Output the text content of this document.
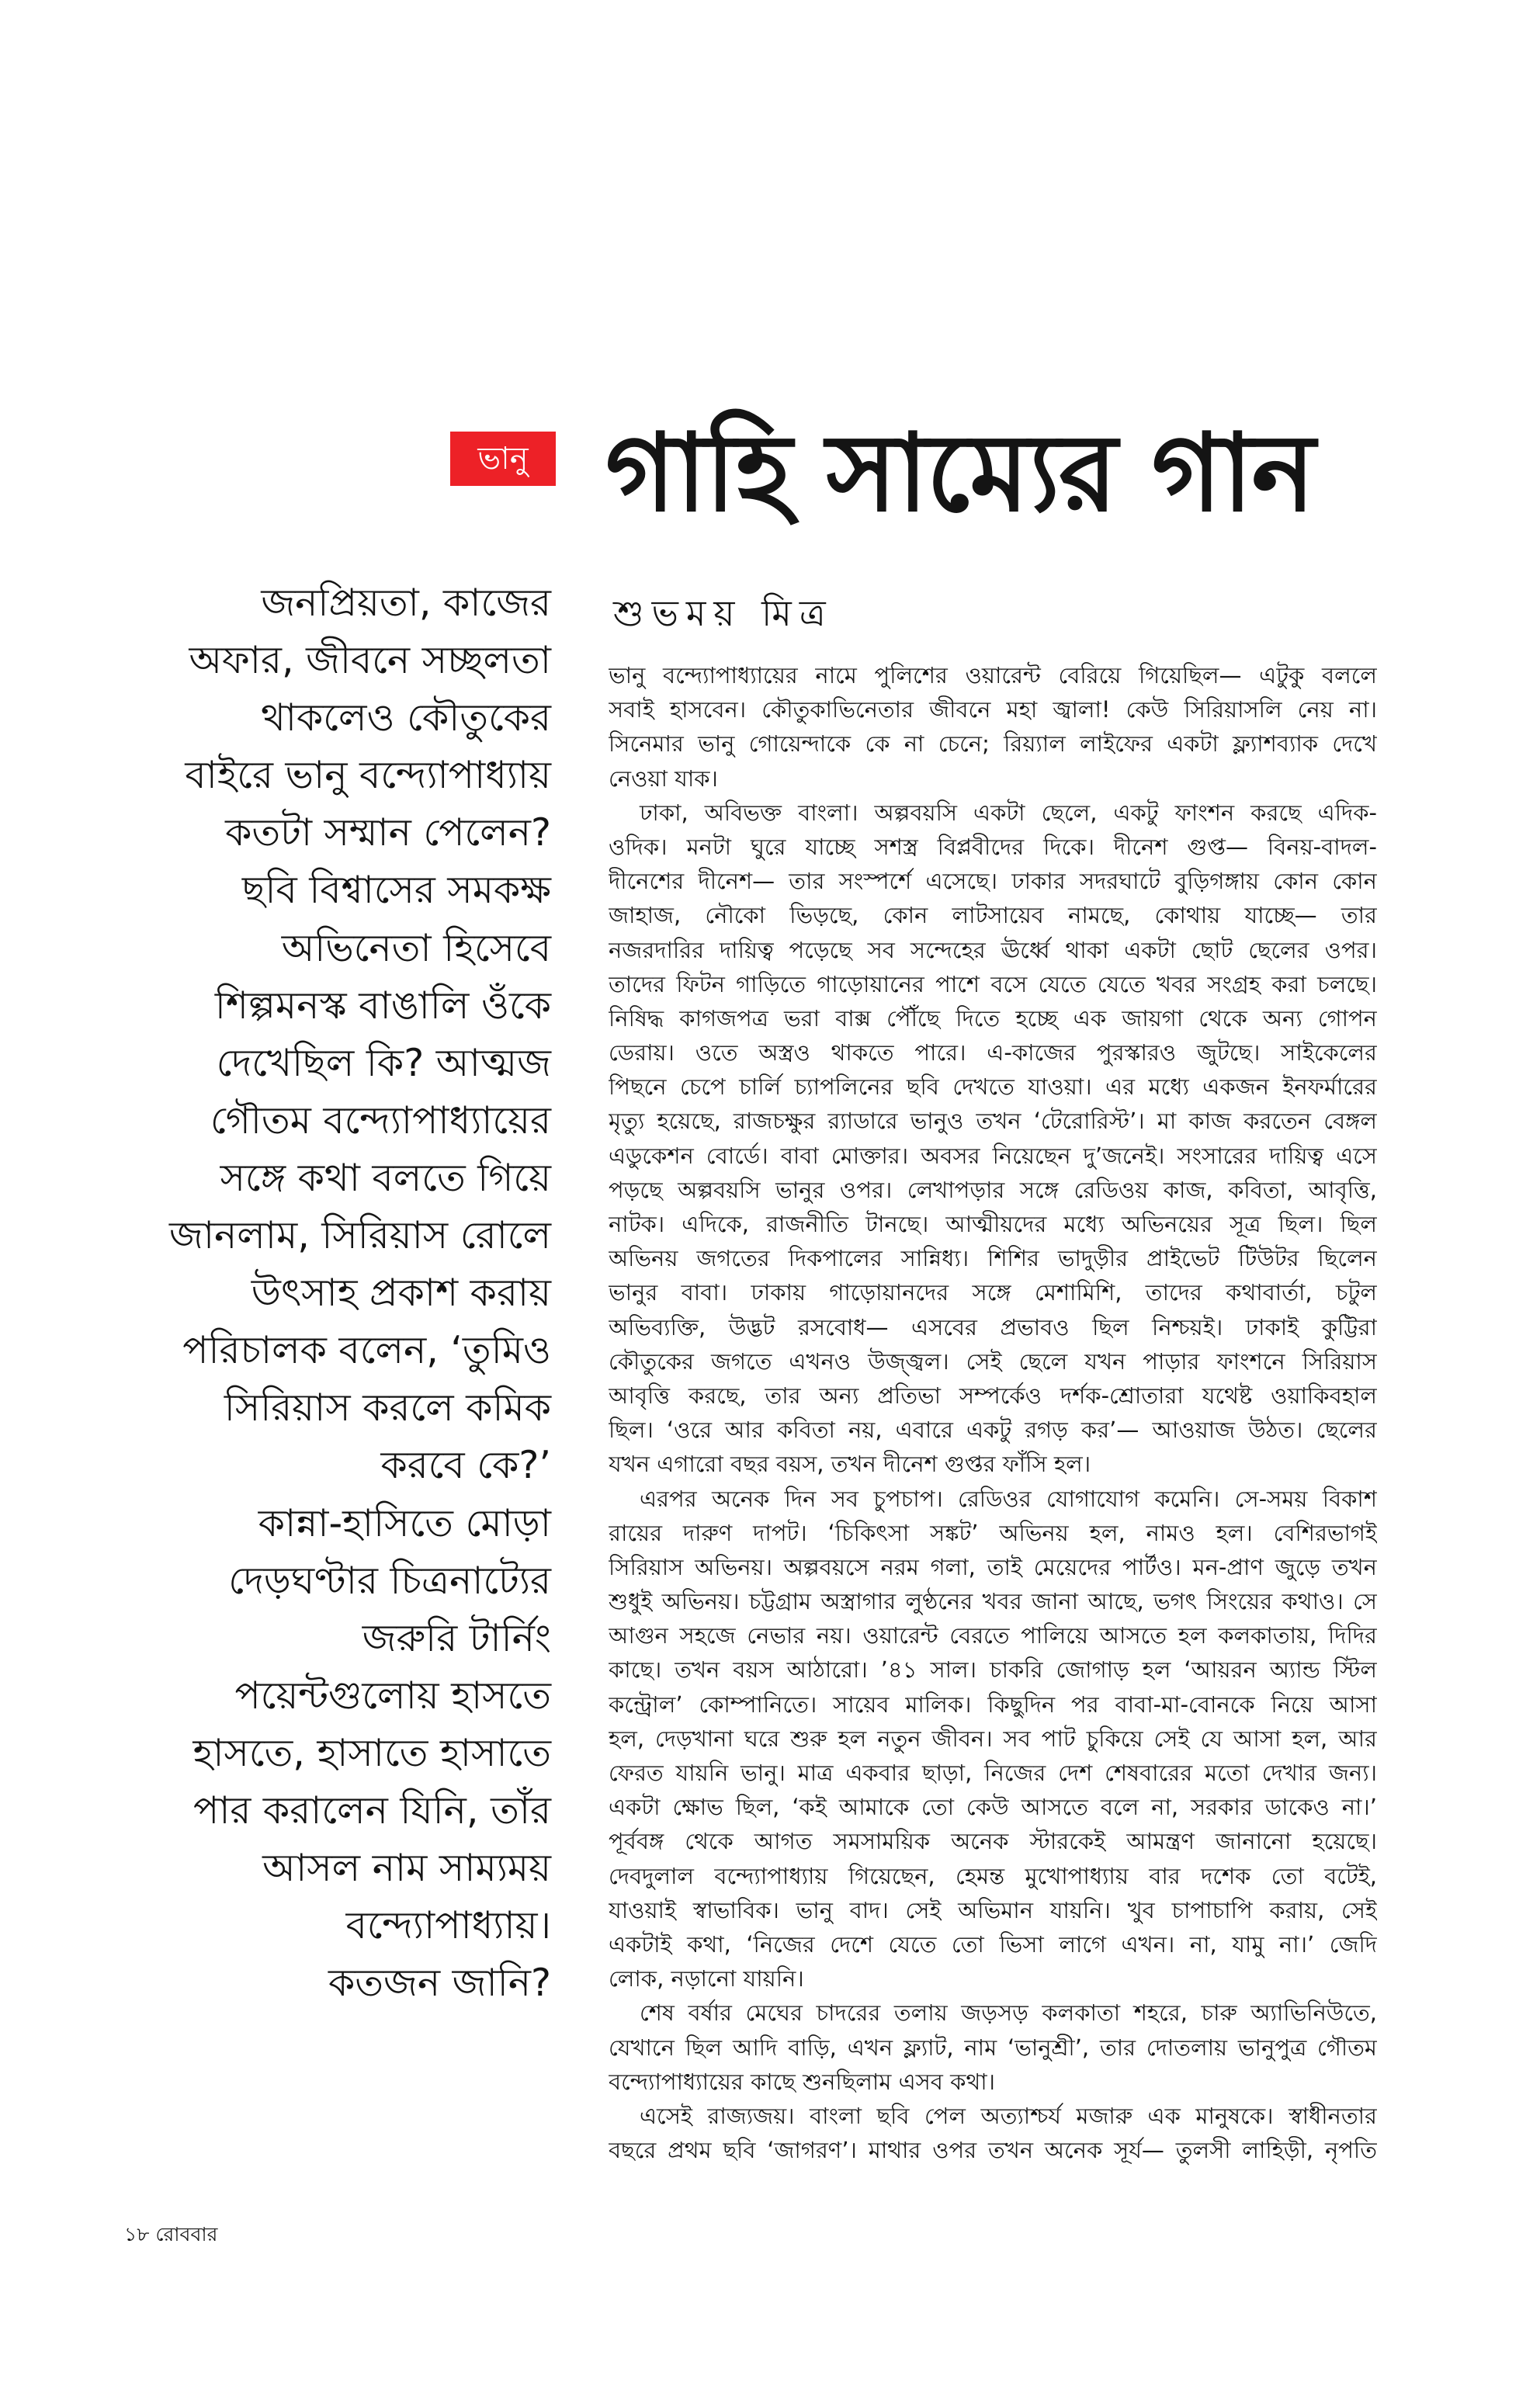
ভানু গাহি সাম্যের গান
শুভময় মিত্র
জনপ্রিয়তা, কাজের
অফার, জীবনে সচ্ছলতা
থাকলেও কৌতুকের
বাইরে ভানু বন্দ্যোপাধ্যায়
কতটা সম্মান পেলেন?
ছবি বিশ্বাসের সমকক্ষ
অভিনেতা হিসেবে
শিল্পমনস্ক বাঙালি ওঁকে
দেখেছিল কি? আত্মজ
গৌতম বন্দ্যোপাধ্যায়ের
সঙ্গে কথা বলতে গিয়ে
জানলাম, সিরিয়াস রোলে
উৎসাহ প্রকাশ করায়
পরিচালক বলেন, ‘তুমিও
সিরিয়াস করলে কমিক
করবে কে?’
কান্না-হাসিতে মোড়া
দেড়ঘণ্টার চিত্রনাট্যের
জরুরি টার্নিং
পয়েন্টগুলোয় হাসতে
হাসতে, হাসাতে হাসাতে
পার করালেন যিনি, তাঁর
আসল নাম সাম্যময়
বন্দ্যোপাধ্যায়।
কতজন জানি?
ভানু বন্দ্যোপাধ্যায়ের নামে পুলিশের ওয়ারেন্ট বেরিয়ে গিয়েছিল— এটুকু বললে
সবাই হাসবেন। কৌতুকাভিনেতার জীবনে মহা জ্বালা! কেউ সিরিয়াসলি নেয় না।
সিনেমার ভানু গোয়েন্দাকে কে না চেনে; রিয়্যাল লাইফের একটা ফ্ল্যাশব্যাক দেখে
নেওয়া যাক।
ঢাকা, অবিভক্ত বাংলা। অল্পবয়সি একটা ছেলে, একটু ফাংশন করছে এদিক-
ওদিক। মনটা ঘুরে যাচ্ছে সশস্ত্র বিপ্লবীদের দিকে। দীনেশ গুপ্ত— বিনয়-বাদল-
দীনেশের দীনেশ— তার সংস্পর্শে এসেছে। ঢাকার সদরঘাটে বুড়িগঙ্গায় কোন কোন
জাহাজ, নৌকো ভিড়ছে, কোন লাটসায়েব নামছে, কোথায় যাচ্ছে— তার
নজরদারির দায়িত্ব পড়েছে সব সন্দেহের ঊর্ধ্বে থাকা একটা ছোট ছেলের ওপর।
তাদের ফিটন গাড়িতে গাড়োয়ানের পাশে বসে যেতে যেতে খবর সংগ্রহ করা চলছে।
নিষিদ্ধ কাগজপত্র ভরা বাক্স পৌঁছে দিতে হচ্ছে এক জায়গা থেকে অন্য গোপন
ডেরায়। ওতে অস্ত্রও থাকতে পারে। এ-কাজের পুরস্কারও জুটছে। সাইকেলের
পিছনে চেপে চার্লি চ্যাপলিনের ছবি দেখতে যাওয়া। এর মধ্যে একজন ইনফর্মারের
মৃত্যু হয়েছে, রাজচক্ষুর র‍্যাডারে ভানুও তখন ‘টেরোরিস্ট’। মা কাজ করতেন বেঙ্গল
এডুকেশন বোর্ডে। বাবা মোক্তার। অবসর নিয়েছেন দু’জনেই। সংসারের দায়িত্ব এসে
পড়ছে অল্পবয়সি ভানুর ওপর। লেখাপড়ার সঙ্গে রেডিওয় কাজ, কবিতা, আবৃত্তি,
নাটক। এদিকে, রাজনীতি টানছে। আত্মীয়দের মধ্যে অভিনয়ের সূত্র ছিল। ছিল
অভিনয় জগতের দিকপালের সান্নিধ্য। শিশির ভাদুড়ীর প্রাইভেট টিউটর ছিলেন
ভানুর বাবা। ঢাকায় গাড়োয়ানদের সঙ্গে মেশামিশি, তাদের কথাবার্তা, চটুল
অভিব্যক্তি, উদ্ভট রসবোধ— এসবের প্রভাবও ছিল নিশ্চয়ই। ঢাকাই কুট্টিরা
কৌতুকের জগতে এখনও উজ্জ্বল। সেই ছেলে যখন পাড়ার ফাংশনে সিরিয়াস
আবৃত্তি করছে, তার অন্য প্রতিভা সম্পর্কেও দর্শক-শ্রোতারা যথেষ্ট ওয়াকিবহাল
ছিল। ‘ওরে আর কবিতা নয়, এবারে একটু রগড় কর’— আওয়াজ উঠত। ছেলের
যখন এগারো বছর বয়স, তখন দীনেশ গুপ্তর ফাঁসি হল।
এরপর অনেক দিন সব চুপচাপ। রেডিওর যোগাযোগ কমেনি। সে-সময় বিকাশ
রায়ের দারুণ দাপট। ‘চিকিৎসা সঙ্কট’ অভিনয় হল, নামও হল। বেশিরভাগই
সিরিয়াস অভিনয়। অল্পবয়সে নরম গলা, তাই মেয়েদের পার্টও। মন-প্রাণ জুড়ে তখন
শুধুই অভিনয়। চট্টগ্রাম অস্ত্রাগার লুণ্ঠনের খবর জানা আছে, ভগৎ সিংয়ের কথাও। সে
আগুন সহজে নেভার নয়। ওয়ারেন্ট বেরতে পালিয়ে আসতে হল কলকাতায়, দিদির
কাছে। তখন বয়স আঠারো। ’৪১ সাল। চাকরি জোগাড় হল ‘আয়রন অ্যান্ড স্টিল
কন্ট্রোল’ কোম্পানিতে। সায়েব মালিক। কিছুদিন পর বাবা-মা-বোনকে নিয়ে আসা
হল, দেড়খানা ঘরে শুরু হল নতুন জীবন। সব পাট চুকিয়ে সেই যে আসা হল, আর
ফেরত যায়নি ভানু। মাত্র একবার ছাড়া, নিজের দেশ শেষবারের মতো দেখার জন্য।
একটা ক্ষোভ ছিল, ‘কই আমাকে তো কেউ আসতে বলে না, সরকার ডাকেও না।’
পূর্ববঙ্গ থেকে আগত সমসাময়িক অনেক স্টারকেই আমন্ত্রণ জানানো হয়েছে।
দেবদুলাল বন্দ্যোপাধ্যায় গিয়েছেন, হেমন্ত মুখোপাধ্যায় বার দশেক তো বটেই,
যাওয়াই স্বাভাবিক। ভানু বাদ। সেই অভিমান যায়নি। খুব চাপাচাপি করায়, সেই
একটাই কথা, ‘নিজের দেশে যেতে তো ভিসা লাগে এখন। না, যামু না।’ জেদি
লোক, নড়ানো যায়নি।
শেষ বর্ষার মেঘের চাদরের তলায় জড়সড় কলকাতা শহরে, চারু অ্যাভিনিউতে,
যেখানে ছিল আদি বাড়ি, এখন ফ্ল্যাট, নাম ‘ভানুশ্রী’, তার দোতলায় ভানুপুত্র গৌতম
বন্দ্যোপাধ্যায়ের কাছে শুনছিলাম এসব কথা।
এসেই রাজ্যজয়। বাংলা ছবি পেল অত্যাশ্চর্য মজারু এক মানুষকে। স্বাধীনতার
বছরে প্রথম ছবি ‘জাগরণ’। মাথার ওপর তখন অনেক সূর্য— তুলসী লাহিড়ী, নৃপতি
১৮ রোববার
